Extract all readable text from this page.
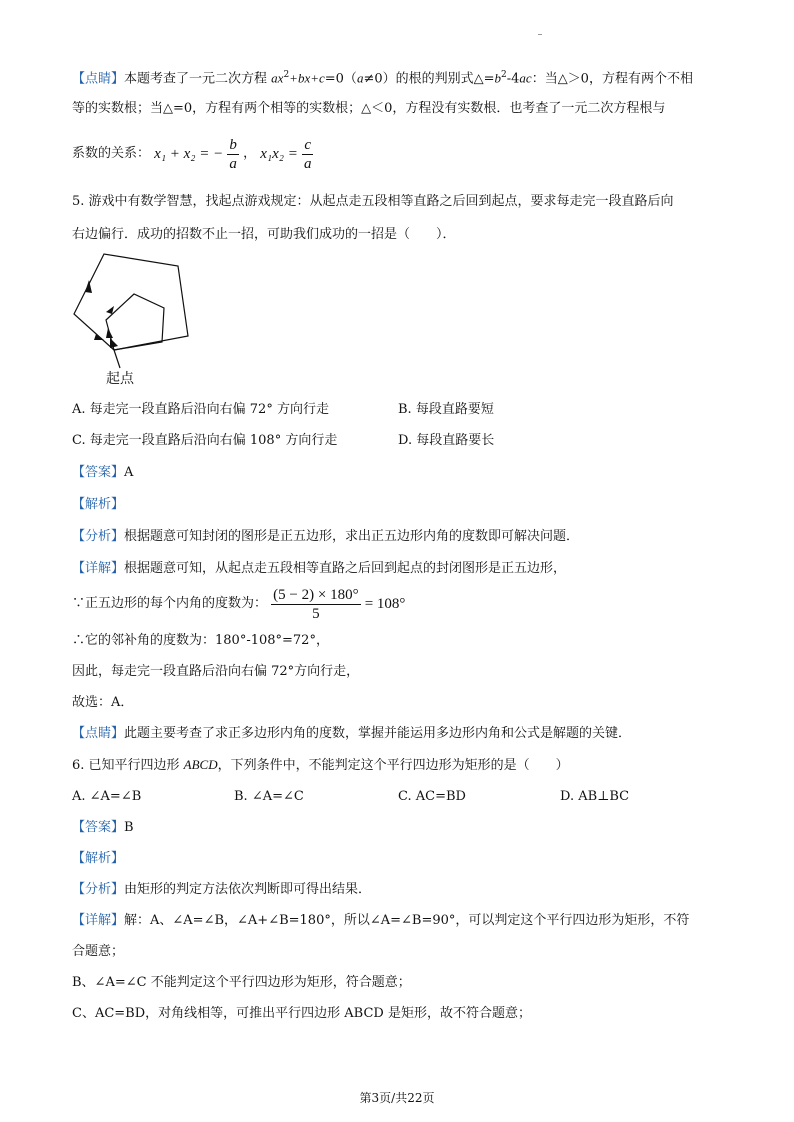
【点睛】本题考查了一元二次方程 $ax^2+bx+c=0(a\ne 0)$的根的判别式$\triangle=b^2-4ac$：当△＞0，方程有两个不相
等的实数根；当△=0，方程有两个相等的实数根；△＜0，方程没有实数根．也考查了一元二次方程根与
系数的关系： x₁ + x₂ = − $\frac{b}{a}$ ， $x_1x_2 = \frac{c}{a}$
5. 游戏中有数学智慧，找起点游戏规定：从起点走五段相等直路之后回到起点，要求每走完一段直路后向
右边偏行．成功的招数不止一招，可助我们成功的一招是（　　）．
起点
A. 每走完一段直路后沿向右偏 72° 方向行走	B. 每段直路要短
C. 每走完一段直路后沿向右偏 108° 方向行走	D. 每段直路要长
【答案】A
【解析】
【分析】根据题意可知封闭的图形是正五边形，求出正五边形内角的度数即可解决问题．
【详解】根据题意可知，从起点走五段相等直路之后回到起点的封闭图形是正五边形，
∵正五边形的每个内角的度数为： $\frac{(5 - 2) \times 180^\circ}{5} = 108^\circ$
∴它的邻补角的度数为：180°-108°=72°，
因此，每走完一段直路后沿向右偏 72°方向行走，
故选：A．
【点睛】此题主要考查了求正多边形内角的度数，掌握并能运用多边形内角和公式是解题的关键．
6. 已知平行四边形 ABCD，下列条件中，不能判定这个平行四边形为矩形的是（　　）
A. ∠A=∠B	B. ∠A=∠C	C. AC=BD	D. AB⊥BC
【答案】B
【解析】
【分析】由矩形的判定方法依次判断即可得出结果．
【详解】解：A、∠A=∠B，∠A+∠B=180°，所以∠A=∠B=90°，可以判定这个平行四边形为矩形，不符
合题意；
B、∠A=∠C 不能判定这个平行四边形为矩形，符合题意；
C、AC=BD，对角线相等，可推出平行四边形 ABCD 是矩形，故不符合题意；
第3页/共22页
